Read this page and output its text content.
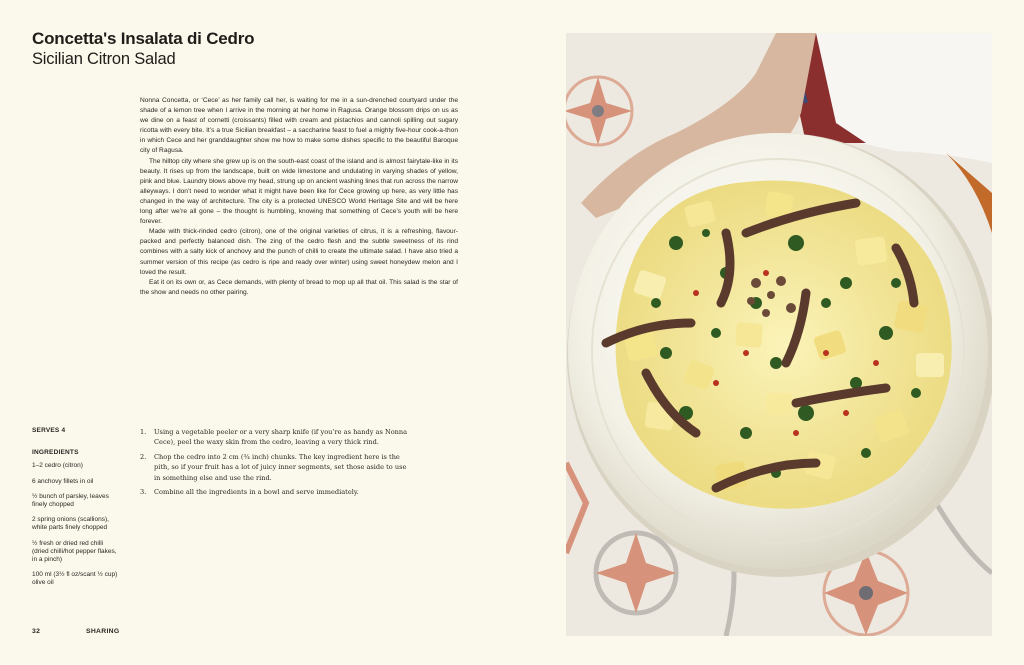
Concetta's Insalata di Cedro
Sicilian Citron Salad

Nonna Concetta, or ‘Cece’ as her family call her, is waiting for me in a sun-drenched courtyard under the shade of a lemon tree when I arrive in the morning at her home in Ragusa. Orange blossom drips on us as we dine on a feast of cornetti (croissants) filled with cream and pistachios and cannoli spilling out sugary ricotta with every bite. It’s a true Sicilian breakfast – a saccharine feast to fuel a mighty five-hour cook-a-thon in which Cece and her granddaughter show me how to make some dishes specific to the beautiful Baroque city of Ragusa.

The hilltop city where she grew up is on the south-east coast of the island and is almost fairytale-like in its beauty. It rises up from the landscape, built on wide limestone and undulating in varying shades of yellow, pink and blue. Laundry blows above my head, strung up on ancient washing lines that run across the narrow alleyways. I don’t need to wonder what it might have been like for Cece growing up here, as very little has changed in the way of architecture. The city is a protected UNESCO World Heritage Site and will be here long after we’re all gone – the thought is humbling, knowing that something of Cece’s youth will be here forever.

Made with thick-rinded cedro (citron), one of the original varieties of citrus, it is a refreshing, flavour-packed and perfectly balanced dish. The zing of the cedro flesh and the subtle sweetness of its rind combines with a salty kick of anchovy and the punch of chilli to create the ultimate salad. I have also tried a summer version of this recipe (as cedro is ripe and ready over winter) using sweet honeydew melon and I loved the result.

Eat it on its own or, as Cece demands, with plenty of bread to mop up all that oil. This salad is the star of the show and needs no other pairing.

SERVES 4

INGREDIENTS

1–2 cedro (citron)
6 anchovy fillets in oil
½ bunch of parsley, leaves finely chopped
2 spring onions (scallions), white parts finely chopped
½ fresh or dried red chilli (dried chilli/hot pepper flakes, in a pinch)
100 ml (3½ fl oz/scant ½ cup) olive oil
1.	Using a vegetable peeler or a very sharp knife (if you’re as handy as Nonna Cece), peel the waxy skin from the cedro, leaving a very thick rind.
2.	Chop the cedro into 2 cm (¾ inch) chunks. The key ingredient here is the pith, so if your fruit has a lot of juicy inner segments, set those aside to use in something else and use the rind.
3.	Combine all the ingredients in a bowl and serve immediately.
32	SHARING
